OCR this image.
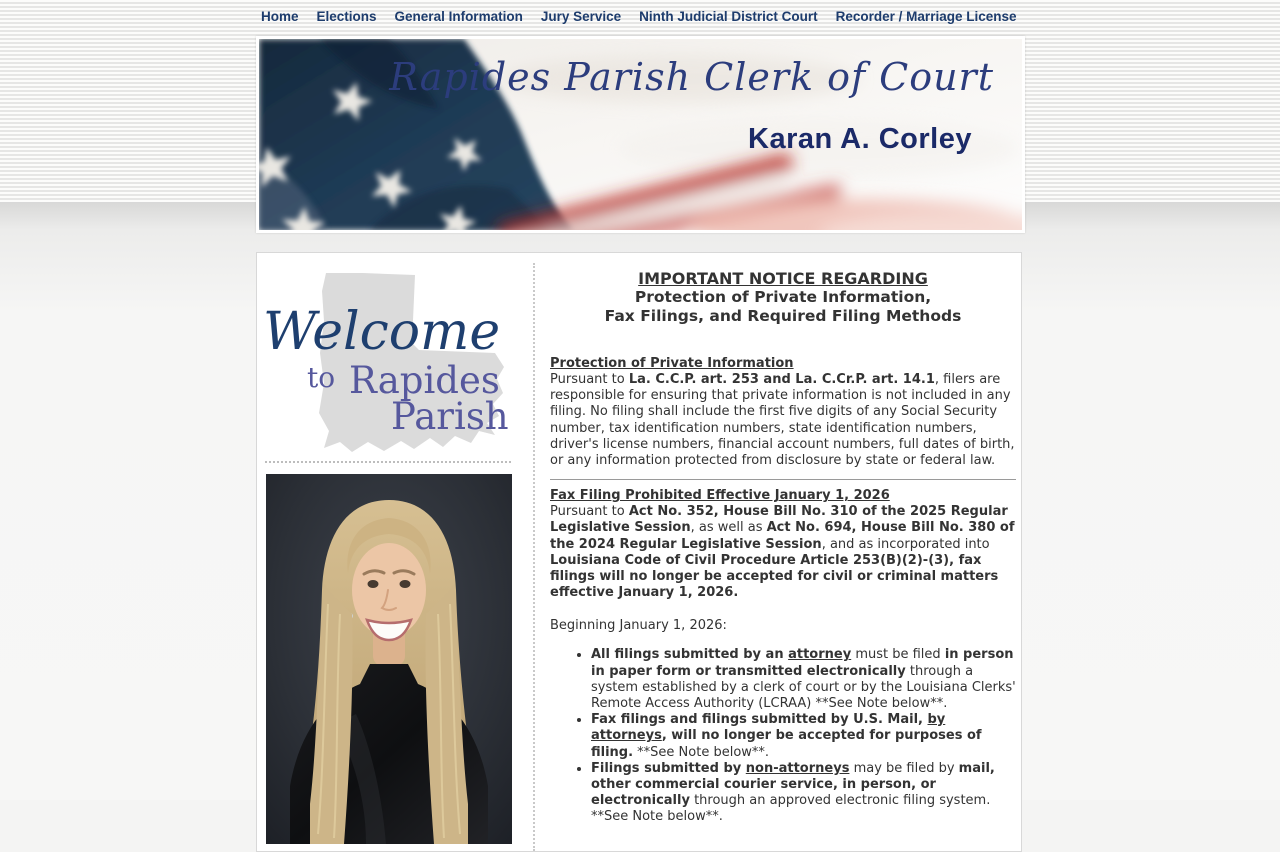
Home Elections General Information Jury Service Ninth Judicial District Court Recorder / Marriage License
Rapides Parish Clerk of Court
Karan A. Corley
Welcome
to Rapides
Parish
IMPORTANT NOTICE REGARDING
Protection of Private Information,
Fax Filings, and Required Filing Methods
Protection of Private Information

Pursuant to La. C.C.P. art. 253 and La. C.Cr.P. art. 14.1, filers are responsible for ensuring that private information is not included in any filing. No filing shall include the first five digits of any Social Security number, tax identification numbers, state identification numbers, driver's license numbers, financial account numbers, full dates of birth, or any information protected from disclosure by state or federal law.

Fax Filing Prohibited Effective January 1, 2026

Pursuant to Act No. 352, House Bill No. 310 of the 2025 Regular Legislative Session, as well as Act No. 694, House Bill No. 380 of the 2024 Regular Legislative Session, and as incorporated into Louisiana Code of Civil Procedure Article 253(B)(2)-(3), fax filings will no longer be accepted for civil or criminal matters effective January 1, 2026.

Beginning January 1, 2026:
• All filings submitted by an attorney must be filed in person in paper form or transmitted electronically through a system established by a clerk of court or by the Louisiana Clerks' Remote Access Authority (LCRAA) **See Note below**.
• Fax filings and filings submitted by U.S. Mail, by attorneys, will no longer be accepted for purposes of filing. **See Note below**.
• Filings submitted by non-attorneys may be filed by mail, other commercial courier service, in person, or electronically through an approved electronic filing system. **See Note below**.
